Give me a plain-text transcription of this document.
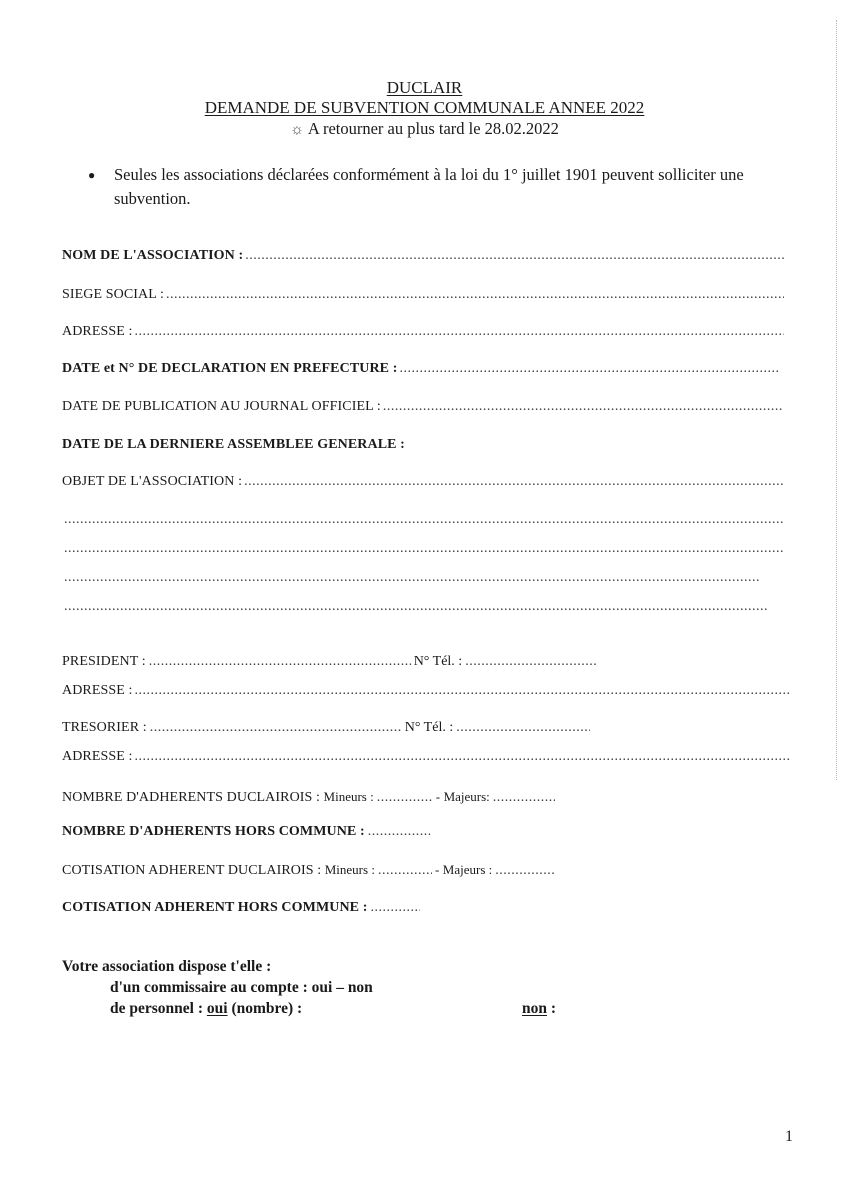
DUCLAIR
DEMANDE DE SUBVENTION COMMUNALE ANNEE 2022
☼ A retourner au plus tard le 28.02.2022
● Seules les associations déclarées conformément à la loi du 1° juillet 1901 peuvent solliciter une subvention.
NOM DE L'ASSOCIATION :
.....
SIEGE SOCIAL :
.....
ADRESSE :
.....
DATE et N° DE DECLARATION EN PREFECTURE :
.....
DATE DE PUBLICATION AU JOURNAL OFFICIEL :
.....
DATE DE LA DERNIERE ASSEMBLEE GENERALE :
OBJET DE L'ASSOCIATION :
.....
.....
.....
.....
.....
PRESIDENT : .....	N° Tél. :
.....
ADRESSE :
.....
TRESORIER : .....	N° Tél. :
.....
ADRESSE :
.....
NOMBRE D'ADHERENTS DUCLAIROIS :
Mineurs : .....	-
Majeurs:
.....
NOMBRE D'ADHERENTS HORS COMMUNE :
.....
COTISATION ADHERENT DUCLAIROIS :
Mineurs : .....	-
Majeurs :
.....
COTISATION ADHERENT HORS COMMUNE :
.....
Votre association dispose t'elle :
d'un commissaire au compte : oui – non
de personnel : oui (nombre) :	non :
1
